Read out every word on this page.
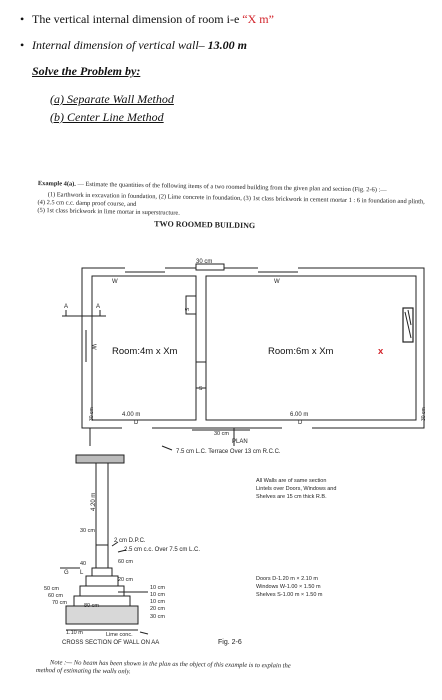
• The vertical internal dimension of room i-e “X m”
• Internal dimension of vertical wall– 13.00 m
Solve the Problem by:
(a) Separate Wall Method
(b) Center Line Method
Example 4(a). — Estimate the quantities of the following items of a two roomed building from the given plan and section (Fig. 2-6) :—
(1) Earthwork in excavation in foundation, (2) Lime concrete in foundation, (3) 1st class brickwork in cement mortar 1 : 6 in foundation and plinth, (4) 2.5 cm c.c. damp proof course, and
(5) 1st class brickwork in lime mortar in superstructure.
TWO ROOMED BUILDING
30 cm
W	W
S
S
A	A
W Room:4m x Xm	Room:6m x Xm	x
4.00 m
D
6.00 m
D
30 cm
30 cm	30 cm
PLAN
7.5 cm L.C. Terrace Over 13 cm R.C.C.
4.20 m
30 cm
2 cm D.P.C.
2.5 cm c.c. Over 7.5 cm L.C.
60 cm
40
G L
20 cm
50 cm
60 cm
70 cm	80 cm
10 cm
10 cm
10 cm
20 cm
30 cm
1.10 m	Lime conc.
CROSS SECTION OF WALL ON AA
All Walls are of same section
Lintels over Doors, Windows and
Shelves are 15 cm thick R.B.
Doors D-1.20 m × 2.10 m
Windows W-1.00 × 1.50 m
Shelves S-1.00 m × 1.50 m
Fig. 2-6
Note :— No beam has been shown in the plan as the object of this example is to explain the
method of estimating the walls only.
